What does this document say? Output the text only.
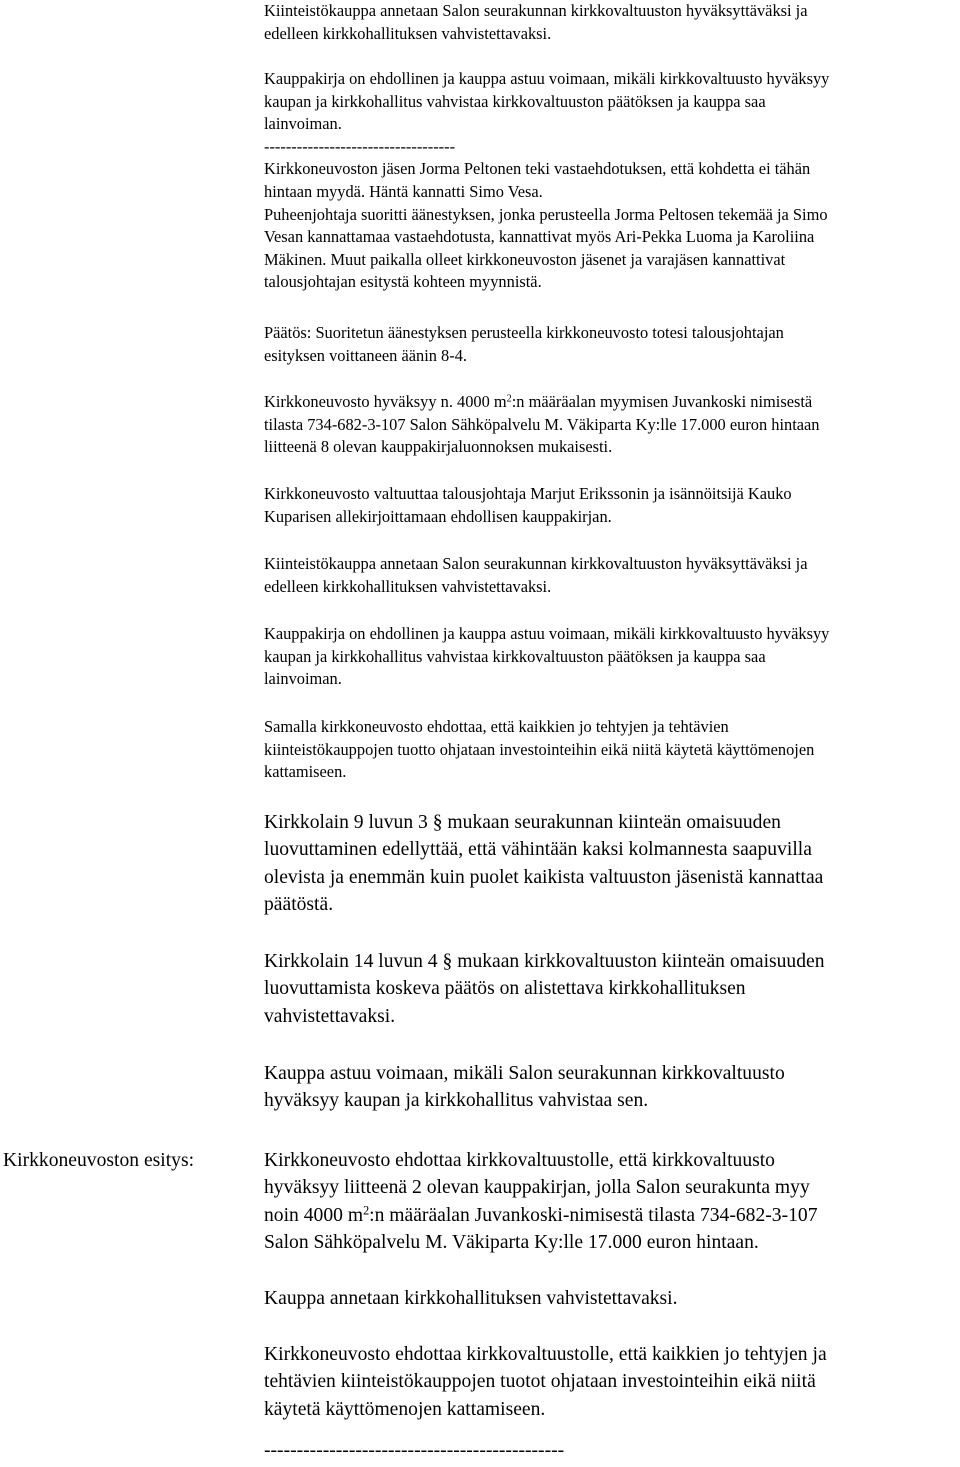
Kiinteistökauppa annetaan Salon seurakunnan kirkkovaltuuston hyväksyttäväksi ja
edelleen kirkkohallituksen vahvistettavaksi.

Kauppakirja on ehdollinen ja kauppa astuu voimaan, mikäli kirkkovaltuusto hyväksyy
kaupan ja kirkkohallitus vahvistaa kirkkovaltuuston päätöksen ja kauppa saa
lainvoiman.
-----------------------------------
Kirkkoneuvoston jäsen Jorma Peltonen teki vastaehdotuksen, että kohdetta ei tähän
hintaan myydä. Häntä kannatti Simo Vesa.
Puheenjohtaja suoritti äänestyksen, jonka perusteella Jorma Peltosen tekemää ja Simo
Vesan kannattamaa vastaehdotusta, kannattivat myös Ari-Pekka Luoma ja Karoliina
Mäkinen. Muut paikalla olleet kirkkoneuvoston jäsenet ja varajäsen kannattivat
talousjohtajan esitystä kohteen myynnistä.

Päätös: Suoritetun äänestyksen perusteella kirkkoneuvosto totesi talousjohtajan
esityksen voittaneen äänin 8-4.

Kirkkoneuvosto hyväksyy n. 4000 $m^2:n$ määräalan myymisen Juvankoski nimisestä
tilasta 734-682-3-107 Salon Sähköpalvelu M. Väkiparta Ky:lle 17.000 euron hintaan
liitteenä 8 olevan kauppakirjaluonnoksen mukaisesti.

Kirkkoneuvosto valtuuttaa talousjohtaja Marjut Erikssonin ja isännöitsijä Kauko
Kuparisen allekirjoittamaan ehdollisen kauppakirjan.

Kiinteistökauppa annetaan Salon seurakunnan kirkkovaltuuston hyväksyttäväksi ja
edelleen kirkkohallituksen vahvistettavaksi.

Kauppakirja on ehdollinen ja kauppa astuu voimaan, mikäli kirkkovaltuusto hyväksyy
kaupan ja kirkkohallitus vahvistaa kirkkovaltuuston päätöksen ja kauppa saa
lainvoiman.

Samalla kirkkoneuvosto ehdottaa, että kaikkien jo tehtyjen ja tehtävien
kiinteistökauppojen tuotto ohjataan investointeihin eikä niitä käytetä käyttömenojen
kattamiseen.

Kirkkolain 9 luvun 3 § mukaan seurakunnan kiinteän omaisuuden
luovuttaminen edellyttää, että vähintään kaksi kolmannesta saapuvilla
olevista ja enemmän kuin puolet kaikista valtuuston jäsenistä kannattaa
päätöstä.

Kirkkolain 14 luvun 4 § mukaan kirkkovaltuuston kiinteän omaisuuden
luovuttamista koskeva päätös on alistettava kirkkohallituksen
vahvistettavaksi.

Kauppa astuu voimaan, mikäli Salon seurakunnan kirkkovaltuusto
hyväksyy kaupan ja kirkkohallitus vahvistaa sen.

Kirkkoneuvoston esitys:	Kirkkoneuvosto ehdottaa kirkkovaltuustolle, että kirkkovaltuusto
hyväksyy liitteenä 2 olevan kauppakirjan, jolla Salon seurakunta myy
noin 4000 $m^2:n$ määräalan Juvankoski-nimisestä tilasta 734-682-3-107
Salon Sähköpalvelu M. Väkiparta Ky:lle 17.000 euron hintaan.

Kauppa annetaan kirkkohallituksen vahvistettavaksi.

Kirkkoneuvosto ehdottaa kirkkovaltuustolle, että kaikkien jo tehtyjen ja
tehtävien kiinteistökauppojen tuotot ohjataan investointeihin eikä niitä
käytetä käyttömenojen kattamiseen.

----------------------------------------------
